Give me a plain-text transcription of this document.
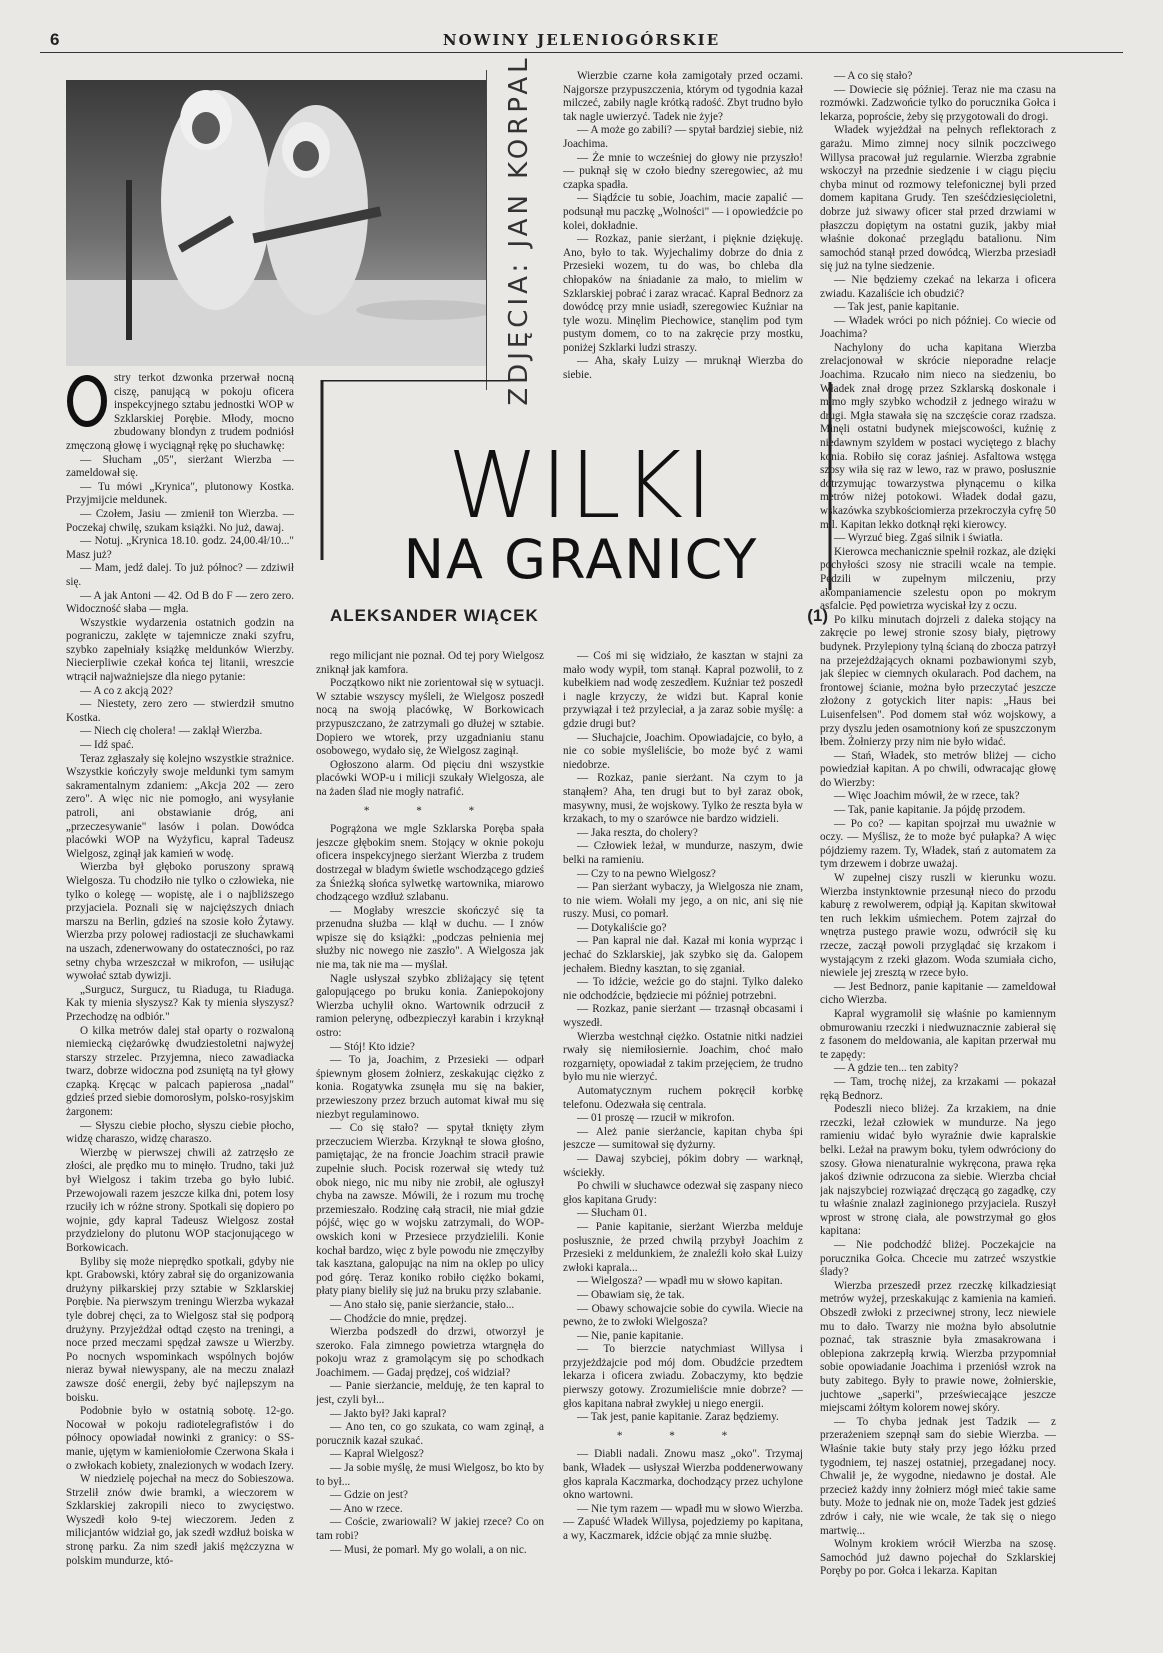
6	NOWINY JELENIOGÓRSKIE
ZDJĘCIA: JAN KORPAL
WILKI
NA GRANICY
ALEKSANDER WIĄCEK	(1)

stry terkot dzwonka przerwał nocną ciszę, panującą w pokoju oficera inspekcyjnego sztabu jednostki WOP w Szklarskiej Porębie. Młody, mocno zbudowany blondyn z trudem podniósł zmęczoną głowę i wyciągnął rękę po słuchawkę:

— Słucham „05", sierżant Wierzba — zameldował się.

— Tu mówi „Krynica", plutonowy Kostka. Przyjmijcie meldunek.

— Czołem, Jasiu — zmienił ton Wierzba. — Poczekaj chwilę, szukam książki. No już, dawaj.

— Notuj. „Krynica 18.10. godz. 24,00.4ł/10..." Masz już?

— Mam, jedź dalej. To już północ? — zdziwił się.

— A jak Antoni — 42. Od B do F — zero zero. Widoczność słaba — mgła.

Wszystkie wydarzenia ostatnich godzin na pograniczu, zaklęte w tajemnicze znaki szyfru, szybko zapełniały książkę meldunków Wierzby. Niecierpliwie czekał końca tej litanii, wreszcie wtrącił najważniejsze dla niego pytanie:

— A co z akcją 202?

— Niestety, zero zero — stwierdził smutno Kostka.

— Niech cię cholera! — zaklął Wierzba.

— Idź spać.

Teraz zgłaszały się kolejno wszystkie strażnice. Wszystkie kończyły swoje meldunki tym samym sakramentalnym zdaniem: „Akcja 202 — zero zero". A więc nic nie pomogło, ani wysyłanie patroli, ani obstawianie dróg, ani „przeczesywanie" lasów i polan. Dowódca placówki WOP na Wyżyficu, kapral Tadeusz Wielgosz, zginął jak kamień w wodę.

Wierzba był głęboko poruszony sprawą Wielgosza. Tu chodziło nie tylko o człowieka, nie tylko o kolegę — wopistę, ale i o najbliższego przyjaciela. Poznali się w najcięższych dniach marszu na Berlin, gdzieś na szosie koło Żytawy. Wierzba przy polowej radiostacji ze słuchawkami na uszach, zdenerwowany do ostateczności, po raz setny chyba wrzeszczał w mikrofon, — usiłując wywołać sztab dywizji.

„Surgucz, Surgucz, tu Riaduga, tu Riaduga. Kak ty mienia słyszysz? Kak ty mienia słyszysz? Przechodzę na odbiór."

O kilka metrów dalej stał oparty o rozwaloną niemiecką ciężarówkę dwudziestoletni najwyżej starszy strzelec. Przyjemna, nieco zawadiacka twarz, dobrze widoczna pod zsuniętą na tył głowy czapką. Kręcąc w palcach papierosa „nadal" gdzieś przed siebie domorosłym, polsko-rosyjskim żargonem:

— Słyszu ciebie płocho, słyszu ciebie płocho, widzę charaszo, widzę charaszo.

Wierzbę w pierwszej chwili aż zatrzęsło ze złości, ale prędko mu to minęło. Trudno, taki już był Wielgosz i takim trzeba go było lubić. Przewojowali razem jeszcze kilka dni, potem losy rzuciły ich w różne strony. Spotkali się dopiero po wojnie, gdy kapral Tadeusz Wielgosz został przydzielony do plutonu WOP stacjonującego w Borkowicach.

Byliby się może nieprędko spotkali, gdyby nie kpt. Grabowski, który zabrał się do organizowania drużyny piłkarskiej przy sztabie w Szklarskiej Porębie. Na pierwszym treningu Wierzba wykazał tyle dobrej chęci, za to Wielgosz stał się podporą drużyny. Przyjeżdżał odtąd często na treningi, a noce przed meczami spędzał zawsze u Wierzby. Po nocnych wspominkach wspólnych bojów nieraz bywał niewyspany, ale na meczu znalazł zawsze dość energii, żeby być najlepszym na boisku.

Podobnie było w ostatnią sobotę. 12-go. Nocował w pokoju radiotelegrafistów i do północy opowiadał nowinki z granicy: o SS-manie, ujętym w kamieniołomie Czerwona Skała i o zwłokach kobiety, znalezionych w wodach Izery.

W niedzielę pojechał na mecz do Sobieszowa. Strzelił znów dwie bramki, a wieczorem w Szklarskiej zakropili nieco to zwycięstwo. Wyszedł koło 9-tej wieczorem. Jeden z milicjantów widział go, jak szedł wzdłuż boiska w stronę parku. Za nim szedł jakiś mężczyzna w polskim mundurze, któ-

rego milicjant nie poznał. Od tej pory Wielgosz zniknął jak kamfora.

Początkowo nikt nie zorientował się w sytuacji. W sztabie wszyscy myśleli, że Wielgosz poszedł nocą na swoją placówkę, W Borkowicach przypuszczano, że zatrzymali go dłużej w sztabie. Dopiero we wtorek, przy uzgadnianiu stanu osobowego, wydało się, że Wielgosz zaginął.

Ogłoszono alarm. Od pięciu dni wszystkie placówki WOP-u i milicji szukały Wielgosza, ale na żaden ślad nie mogły natrafić.

* * *

Pogrążona we mgle Szklarska Poręba spała jeszcze głębokim snem. Stojący w oknie pokoju oficera inspekcyjnego sierżant Wierzba z trudem dostrzegał w bladym świetle wschodzącego gdzieś za Śnieżką słońca sylwetkę wartownika, miarowo chodzącego wzdłuż szlabanu.

— Mogłaby wreszcie skończyć się ta przenudna służba — klął w duchu. — I znów wpisze się do książki: „podczas pełnienia mej służby nic nowego nie zaszło". A Wielgosza jak nie ma, tak nie ma — myślał.

Nagle usłyszał szybko zbliżający się tętent galopującego po bruku konia. Zaniepokojony Wierzba uchylił okno. Wartownik odrzucił z ramion pelerynę, odbezpieczył karabin i krzyknął ostro:

— Stój! Kto idzie?

— To ja, Joachim, z Przesieki — odparł śpiewnym głosem żołnierz, zeskakując ciężko z konia. Rogatywka zsunęła mu się na bakier, przewieszony przez brzuch automat kiwał mu się niezbyt regulaminowo.

— Co się stało? — spytał tknięty złym przeczuciem Wierzba. Krzyknął te słowa głośno, pamiętając, że na froncie Joachim stracił prawie zupełnie słuch. Pocisk rozerwał się wtedy tuż obok niego, nic mu niby nie zrobił, ale ogłuszył chyba na zawsze. Mówili, że i rozum mu trochę przemieszało. Rodzinę całą stracił, nie miał gdzie pójść, więc go w wojsku zatrzymali, do WOP-owskich koni w Przesiece przydzielili. Konie kochał bardzo, więc z byle powodu nie zmęczyłby tak kasztana, galopując na nim na oklep po ulicy pod górę. Teraz koniko robiło ciężko bokami, płaty piany bieliły się już na bruku przy szlabanie.

— Ano stało się, panie sierżancie, stało...

— Chodźcie do mnie, prędzej.

Wierzba podszedł do drzwi, otworzył je szeroko. Fala zimnego powietrza wtargnęła do pokoju wraz z gramolącym się po schodkach Joachimem. — Gadaj prędzej, coś widział?

— Panie sierżancie, melduję, że ten kapral to jest, czyli był...

— Jakto był? Jaki kapral?

— Ano ten, co go szukata, co wam zginął, a porucznik kazał szukać.

— Kapral Wielgosz?

— Ja sobie myślę, że musi Wielgosz, bo kto by to był...

— Gdzie on jest?

— Ano w rzece.

— Coście, zwariowali? W jakiej rzece? Co on tam robi?

— Musi, że pomarł. My go wolali, a on nic.

Wierzbie czarne koła zamigotały przed oczami. Najgorsze przypuszczenia, którym od tygodnia kazał milczeć, zabiły nagle krótką radość. Zbyt trudno było tak nagle uwierzyć. Tadek nie żyje?

— A może go zabili? — spytał bardziej siebie, niż Joachima.

— Że mnie to wcześniej do głowy nie przyszło! — puknął się w czoło biedny szeregowiec, aż mu czapka spadła.

— Siądźcie tu sobie, Joachim, macie zapalić — podsunął mu paczkę „Wolności" — i opowiedźcie po kolei, dokładnie.

— Rozkaz, panie sierżant, i pięknie dziękuję. Ano, było to tak. Wyjechalimy dobrze do dnia z Przesieki wozem, tu do was, bo chleba dla chłopaków na śniadanie za mało, to mielim w Szklarskiej pobrać i zaraz wracać. Kapral Bednorz za dowódcę przy mnie usiadł, szeregowiec Kuźniar na tyle wozu. Minęlim Piechowice, stanęlim pod tym pustym domem, co to na zakręcie przy mostku, poniżej Szklarki ludzi straszy.

— Aha, skały Luizy — mruknął Wierzba do siebie.

— Coś mi się widziało, że kasztan w stajni za mało wody wypił, tom stanął. Kapral pozwolił, to z kubełkiem nad wodę zeszedłem. Kuźniar też poszedł i nagle krzyczy, że widzi but. Kapral konie przywiązał i też przyleciał, a ja zaraz sobie myślę: a gdzie drugi but?

— Słuchajcie, Joachim. Opowiadajcie, co było, a nie co sobie myśleliście, bo może być z wami niedobrze.

— Rozkaz, panie sierżant. Na czym to ja stanąłem? Aha, ten drugi but to był zaraz obok, masywny, musi, że wojskowy. Tylko że reszta była w krzakach, to my o szarówce nie bardzo widzieli.

— Jaka reszta, do cholery?

— Człowiek leżał, w mundurze, naszym, dwie belki na ramieniu.

— Czy to na pewno Wielgosz?

— Pan sierżant wybaczy, ja Wielgosza nie znam, to nie wiem. Wołali my jego, a on nic, ani się nie ruszy. Musi, co pomarł.

— Dotykaliście go?

— Pan kapral nie dał. Kazał mi konia wyprząc i jechać do Szklarskiej, jak szybko się da. Galopem jechałem. Biedny kasztan, to się zganiał.

— To idźcie, weźcie go do stajni. Tylko daleko nie odchodźcie, będziecie mi później potrzebni.

— Rozkaz, panie sierżant — trzasnął obcasami i wyszedł.

Wierzba westchnął ciężko. Ostatnie nitki nadziei rwały się niemiłosiernie. Joachim, choć mało rozgarnięty, opowiadał z takim przejęciem, że trudno było mu nie wierzyć.

Automatycznym ruchem pokręcił korbkę telefonu. Odezwała się centrala.

— 01 proszę — rzucił w mikrofon.

— Ależ panie sierżancie, kapitan chyba śpi jeszcze — sumitował się dyżurny.

— Dawaj szybciej, pókim dobry — warknął, wściekły.

Po chwili w słuchawce odezwał się zaspany nieco głos kapitana Grudy:

— Słucham 01.

— Panie kapitanie, sierżant Wierzba melduje posłusznie, że przed chwilą przybył Joachim z Przesieki z meldunkiem, że znaleźli koło skał Luizy zwłoki kaprala...

— Wielgosza? — wpadł mu w słowo kapitan.

— Obawiam się, że tak.

— Obawy schowajcie sobie do cywila. Wiecie na pewno, że to zwłoki Wielgosza?

— Nie, panie kapitanie.

— To bierzcie natychmiast Willysa i przyjeżdżajcie pod mój dom. Obudźcie przedtem lekarza i oficera zwiadu. Zobaczymy, kto będzie pierwszy gotowy. Zrozumieliście mnie dobrze? — głos kapitana nabrał zwykłej u niego energii.

— Tak jest, panie kapitanie. Zaraz będziemy.

* * *

— Diabli nadali. Znowu masz „oko". Trzymaj bank, Władek — usłyszał Wierzba poddenerwowany głos kaprala Kaczmarka, dochodzący przez uchylone okno wartowni.

— Nie tym razem — wpadł mu w słowo Wierzba. — Zapuść Władek Willysa, pojedziemy po kapitana, a wy, Kaczmarek, idźcie objąć za mnie służbę.

— A co się stało?

— Dowiecie się później. Teraz nie ma czasu na rozmówki. Zadzwońcie tylko do porucznika Gołca i lekarza, poproście, żeby się przygotowali do drogi.

Władek wyjeżdżał na pełnych reflektorach z garażu. Mimo zimnej nocy silnik poczciwego Willysa pracował już regularnie. Wierzba zgrabnie wskoczył na przednie siedzenie i w ciągu pięciu chyba minut od rozmowy telefonicznej byli przed domem kapitana Grudy. Ten sześćdziesięcioletni, dobrze już siwawy oficer stał przed drzwiami w płaszczu dopiętym na ostatni guzik, jakby miał właśnie dokonać przeglądu batalionu. Nim samochód stanął przed dowódcą, Wierzba przesiadł się już na tylne siedzenie.

— Nie będziemy czekać na lekarza i oficera zwiadu. Kazaliście ich obudzić?

— Tak jest, panie kapitanie.

— Władek wróci po nich później. Co wiecie od Joachima?

Nachylony do ucha kapitana Wierzba zrelacjonował w skrócie nieporadne relacje Joachima. Rzucało nim nieco na siedzeniu, bo Władek znał drogę przez Szklarską doskonale i mimo mgły szybko wchodził z jednego wirażu w drugi. Mgła stawała się na szczęście coraz rzadsza. Minęli ostatni budynek miejscowości, kuźnię z niedawnym szyldem w postaci wyciętego z blachy konia. Robiło się coraz jaśniej. Asfaltowa wstęga szosy wiła się raz w lewo, raz w prawo, posłusznie dotrzymując towarzystwa płynącemu o kilka metrów niżej potokowi. Władek dodał gazu, wskazówka szybkościomierza przekroczyła cyfrę 50 mil. Kapitan lekko dotknął ręki kierowcy.

— Wyrzuć bieg. Zgaś silnik i światła.

Kierowca mechanicznie spełnił rozkaz, ale dzięki pochyłości szosy nie stracili wcale na tempie. Pędzili w zupełnym milczeniu, przy akompaniamencie szelestu opon po mokrym asfalcie. Pęd powietrza wyciskał łzy z oczu.

Po kilku minutach dojrzeli z daleka stojący na zakręcie po lewej stronie szosy biały, piętrowy budynek. Przylepiony tylną ścianą do zbocza patrzył na przejeżdżających oknami pozbawionymi szyb, jak ślepiec w ciemnych okularach. Pod dachem, na frontowej ścianie, można było przeczytać jeszcze złożony z gotyckich liter napis: „Haus bei Luisenfelsen". Pod domem stał wóz wojskowy, a przy dyszlu jeden osamotniony koń ze spuszczonym łbem. Żołnierzy przy nim nie było widać.

— Stań, Władek, sto metrów bliżej — cicho powiedział kapitan. A po chwili, odwracając głowę do Wierzby:

— Więc Joachim mówił, że w rzece, tak?

— Tak, panie kapitanie. Ja pójdę przodem.

— Po co? — kapitan spojrzał mu uważnie w oczy. — Myślisz, że to może być pułapka? A więc pójdziemy razem. Ty, Władek, stań z automatem za tym drzewem i dobrze uważaj.

W zupełnej ciszy ruszli w kierunku wozu. Wierzba instynktownie przesunął nieco do przodu kaburę z rewolwerem, odpiął ją. Kapitan skwitował ten ruch lekkim uśmiechem. Potem zajrzał do wnętrza pustego prawie wozu, odwrócił się ku rzecze, zaczął powoli przyglądać się krzakom i wystającym z rzeki głazom. Woda szumiała cicho, niewiele jej zresztą w rzece było.

— Jest Bednorz, panie kapitanie — zameldował cicho Wierzba.

Kapral wygramolił się właśnie po kamiennym obmurowaniu rzeczki i niedwuznacznie zabierał się z fasonem do meldowania, ale kapitan przerwał mu te zapędy:

— A gdzie ten... ten zabity?

— Tam, trochę niżej, za krzakami — pokazał ręką Bednorz.

Podeszli nieco bliżej. Za krzakiem, na dnie rzeczki, leżał człowiek w mundurze. Na jego ramieniu widać było wyraźnie dwie kapralskie belki. Leżał na prawym boku, tyłem odwróciony do szosy. Głowa nienaturalnie wykręcona, prawa ręka jakoś dziwnie odrzucona za siebie. Wierzba chciał jak najszybciej rozwiązać dręczącą go zagadkę, czy tu właśnie znalazł zaginionego przyjaciela. Ruszył wprost w stronę ciała, ale powstrzymał go głos kapitana:

— Nie podchodźć bliżej. Poczekajcie na porucznika Gołca. Chcecie mu zatrzeć wszystkie ślady?

Wierzba przeszedł przez rzeczkę kilkadziesiąt metrów wyżej, przeskakując z kamienia na kamień. Obszedł zwłoki z przeciwnej strony, lecz niewiele mu to dało. Twarzy nie można było absolutnie poznać, tak strasznie była zmasakrowana i oblepiona zakrzepłą krwią. Wierzba przypomniał sobie opowiadanie Joachima i przeniósł wzrok na buty zabitego. Były to prawie nowe, żołnierskie, juchtowe „saperki", przeświecające jeszcze miejscami żółtym kolorem nowej skóry.

— To chyba jednak jest Tadzik — z przerażeniem szepnął sam do siebie Wierzba. — Właśnie takie buty stały przy jego łóżku przed tygodniem, tej naszej ostatniej, przegadanej nocy. Chwalił je, że wygodne, niedawno je dostał. Ale przecież każdy inny żołnierz mógł mieć takie same buty. Może to jednak nie on, może Tadek jest gdzieś zdrów i cały, nie wie wcale, że tak się o niego martwię...

Wolnym krokiem wrócił Wierzba na szosę. Samochód już dawno pojechał do Szklarskiej Poręby po por. Gołca i lekarza. Kapitan
